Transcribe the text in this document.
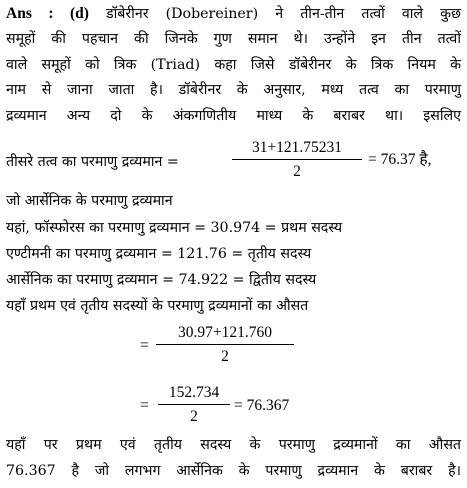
Ans : (d) डॉबेरीनर (Dobereiner) ने तीन-तीन तत्वों वाले कुछ
समूहों की पहचान की जिनके गुण समान थे। उन्होंने इन तीन तत्वों
वाले समूहों को त्रिक (Triad) कहा जिसे डॉबेरीनर के त्रिक नियम के
नाम से जाना जाता है। डॉबेरीनर के अनुसार, मध्य तत्व का परमाणु
द्रव्यमान अन्य दो के अंकगणितीय माध्य के बराबर था। इसलिए
तीसरे तत्व का परमाणु द्रव्यमान =
31+121.75231
2
= 76.37 है,
जो आर्सेनिक के परमाणु द्रव्यमान
यहां, फॉस्फोरस का परमाणु द्रव्यमान = 30.974 = प्रथम सदस्य
एण्टीमनी का परमाणु द्रव्यमान = 121.76 = तृतीय सदस्य
आर्सेनिक का परमाणु द्रव्यमान = 74.922 = द्वितीय सदस्य
यहाँ प्रथम एवं तृतीय सदस्यों के परमाणु द्रव्यमानों का औसत
=
30.97+121.760
2
=
152.734
2
= 76.367
यहाँ पर प्रथम एवं तृतीय सदस्य के परमाणु द्रव्यमानों का औसत
76.367 है जो लगभग आर्सेनिक के परमाणु द्रव्यमान के बराबर है।
